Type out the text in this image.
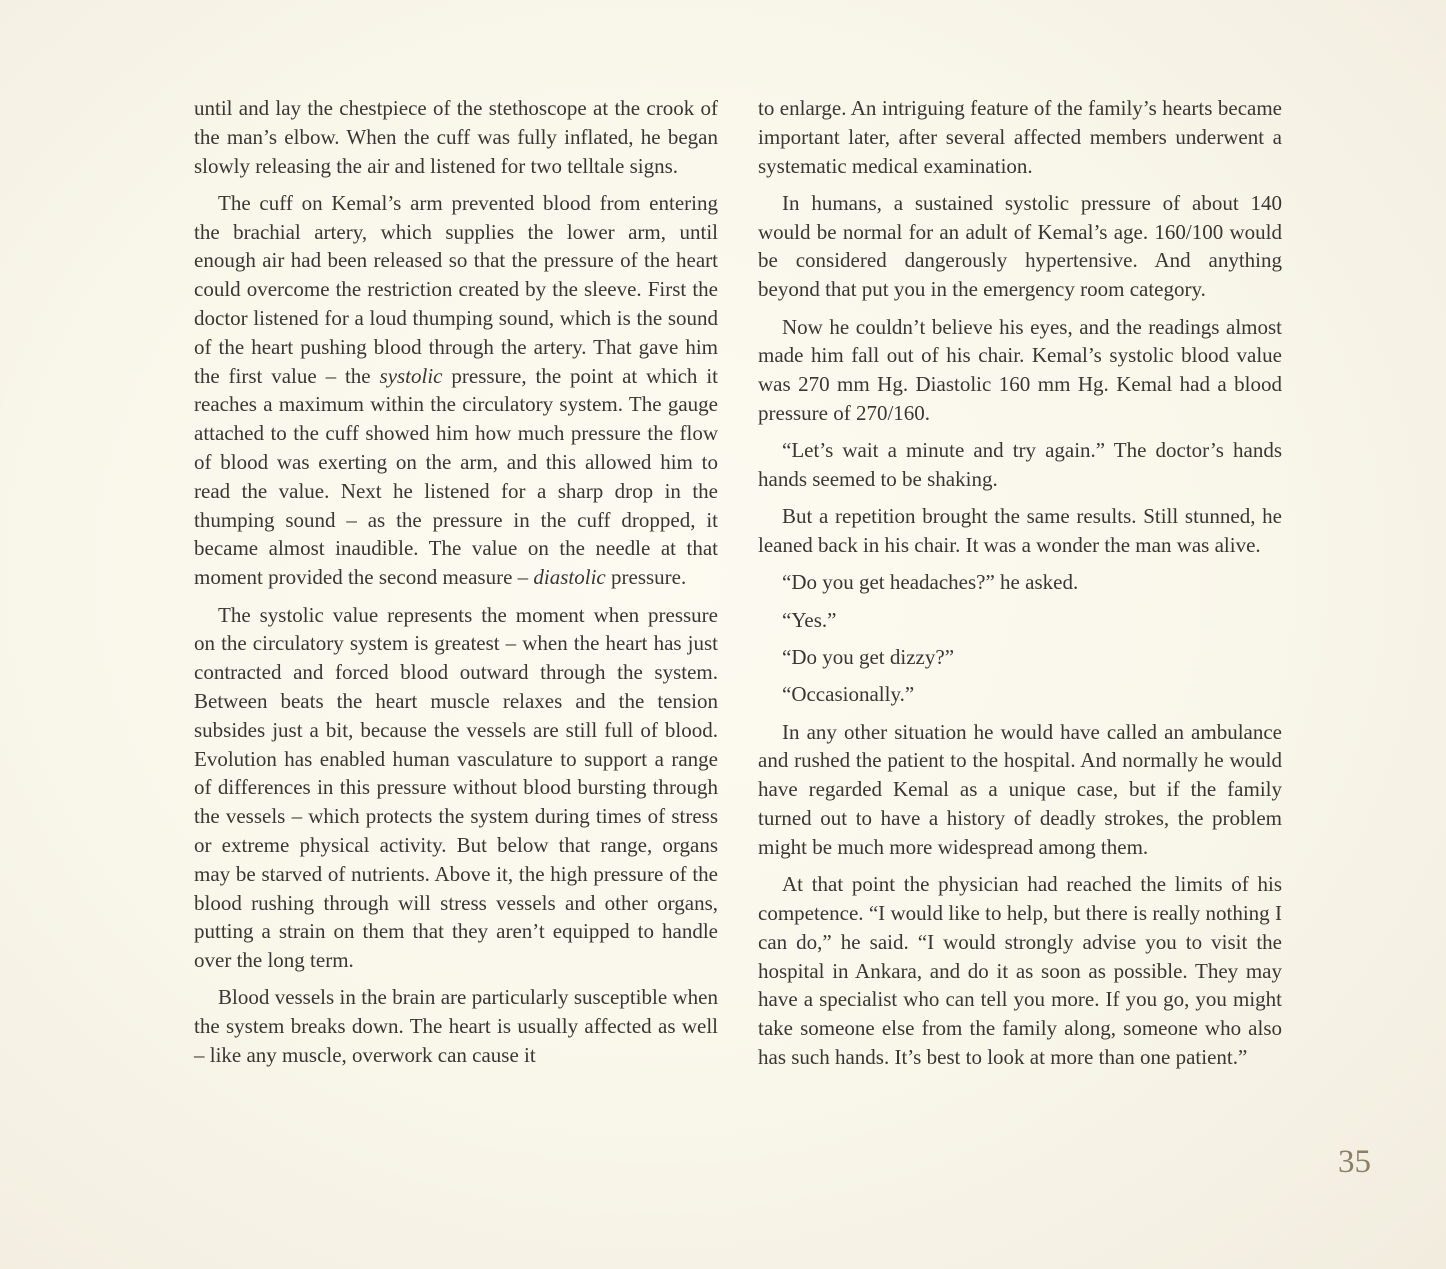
until and lay the chestpiece of the stethoscope at the crook of the man’s elbow. When the cuff was fully inflated, he began slowly releasing the air and listened for two telltale signs.

The cuff on Kemal’s arm prevented blood from entering the brachial artery, which supplies the lower arm, until enough air had been released so that the pressure of the heart could overcome the restriction created by the sleeve. First the doctor listened for a loud thumping sound, which is the sound of the heart pushing blood through the artery. That gave him the first value – the systolic pressure, the point at which it reaches a maximum within the circulatory system. The gauge attached to the cuff showed him how much pressure the flow of blood was exerting on the arm, and this allowed him to read the value. Next he listened for a sharp drop in the thumping sound – as the pressure in the cuff dropped, it became almost inaudible. The value on the needle at that moment provided the second measure – diastolic pressure.

The systolic value represents the moment when pressure on the circulatory system is greatest – when the heart has just contracted and forced blood outward through the system. Between beats the heart muscle relaxes and the tension subsides just a bit, because the vessels are still full of blood. Evolution has enabled human vasculature to support a range of differences in this pressure without blood bursting through the vessels – which protects the system during times of stress or extreme physical activity. But below that range, organs may be starved of nutrients. Above it, the high pressure of the blood rushing through will stress vessels and other organs, putting a strain on them that they aren’t equipped to handle over the long term.

Blood vessels in the brain are particularly susceptible when the system breaks down. The heart is usually affected as well – like any muscle, overwork can cause it

to enlarge. An intriguing feature of the family’s hearts became important later, after several affected members underwent a systematic medical examination.

In humans, a sustained systolic pressure of about 140 would be normal for an adult of Kemal’s age. 160/100 would be considered dangerously hypertensive. And anything beyond that put you in the emergency room category.

Now he couldn’t believe his eyes, and the readings almost made him fall out of his chair. Kemal’s systolic blood value was 270 mm Hg. Diastolic 160 mm Hg. Kemal had a blood pressure of 270/160.

“Let’s wait a minute and try again.” The doctor’s hands hands seemed to be shaking.

But a repetition brought the same results. Still stunned, he leaned back in his chair. It was a wonder the man was alive.

“Do you get headaches?” he asked.

“Yes.”

“Do you get dizzy?”

“Occasionally.”

In any other situation he would have called an ambulance and rushed the patient to the hospital. And normally he would have regarded Kemal as a unique case, but if the family turned out to have a history of deadly strokes, the problem might be much more widespread among them.

At that point the physician had reached the limits of his competence. “I would like to help, but there is really nothing I can do,” he said. “I would strongly advise you to visit the hospital in Ankara, and do it as soon as possible. They may have a specialist who can tell you more. If you go, you might take someone else from the family along, someone who also has such hands. It’s best to look at more than one patient.”

35
